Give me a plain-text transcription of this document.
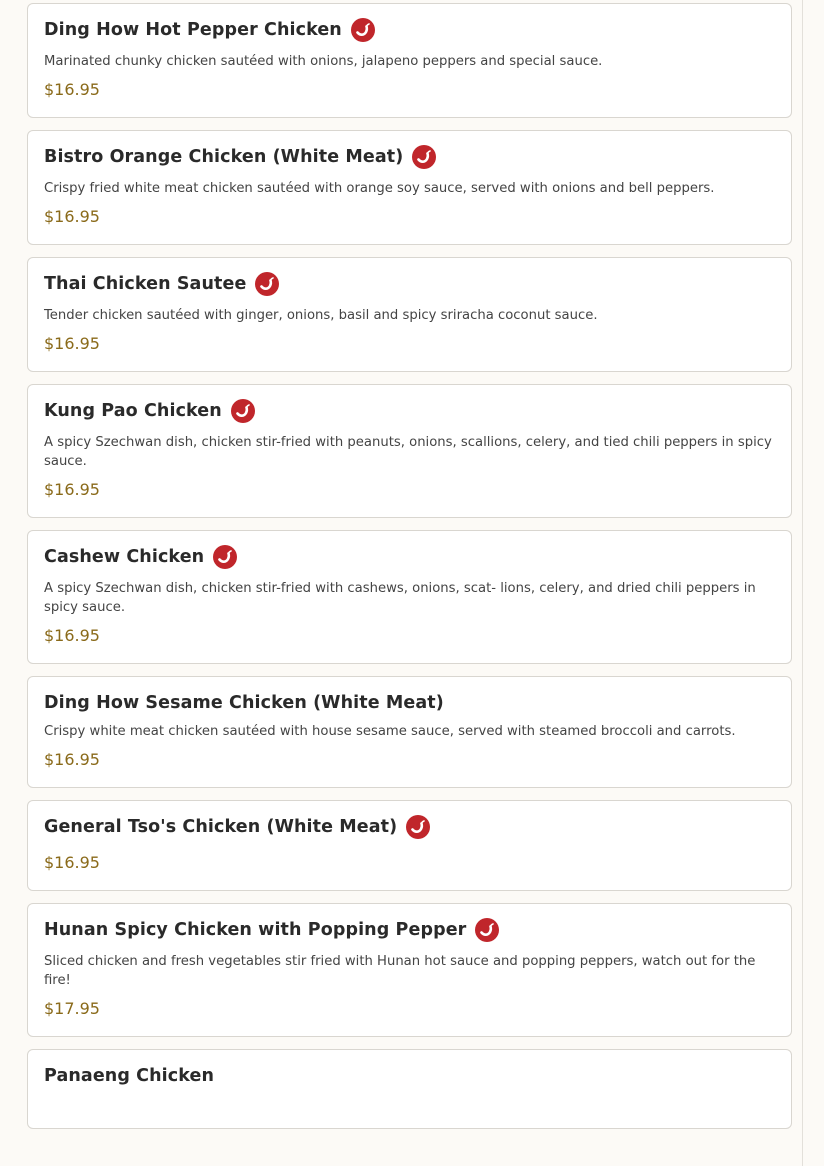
Ding How Hot Pepper Chicken
Marinated chunky chicken sautéed with onions, jalapeno peppers and special sauce.
$16.95
Bistro Orange Chicken (White Meat)
Crispy fried white meat chicken sautéed with orange soy sauce, served with onions and bell peppers.
$16.95
Thai Chicken Sautee
Tender chicken sautéed with ginger, onions, basil and spicy sriracha coconut sauce.
$16.95
Kung Pao Chicken
A spicy Szechwan dish, chicken stir-fried with peanuts, onions, scallions, celery, and tied chili peppers in spicy sauce.
$16.95
Cashew Chicken
A spicy Szechwan dish, chicken stir-fried with cashews, onions, scat- lions, celery, and dried chili peppers in spicy sauce.
$16.95
Ding How Sesame Chicken (White Meat)
Crispy white meat chicken sautéed with house sesame sauce, served with steamed broccoli and carrots.
$16.95
General Tso's Chicken (White Meat)
$16.95
Hunan Spicy Chicken with Popping Pepper
Sliced chicken and fresh vegetables stir fried with Hunan hot sauce and popping peppers, watch out for the fire!
$17.95
Panaeng Chicken
